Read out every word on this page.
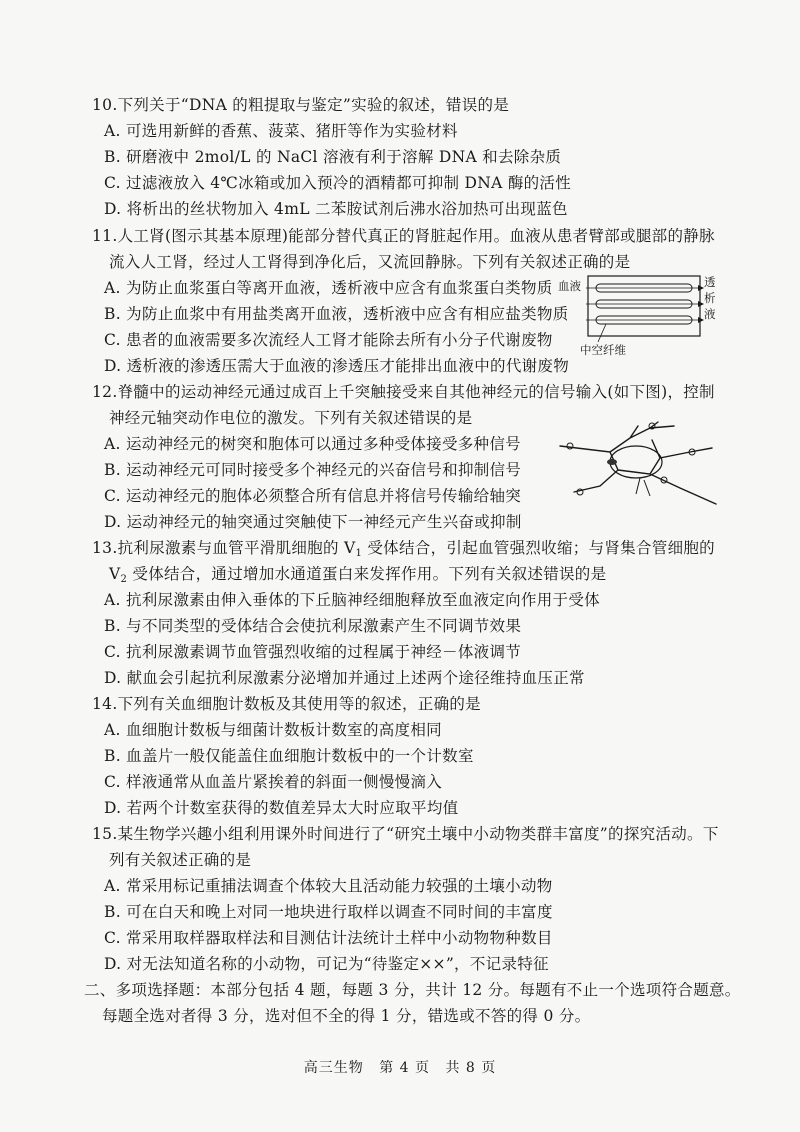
10.下列关于“DNA 的粗提取与鉴定”实验的叙述，错误的是
A. 可选用新鲜的香蕉、菠菜、猪肝等作为实验材料
B. 研磨液中 2mol/L 的 NaCl 溶液有利于溶解 DNA 和去除杂质
C. 过滤液放入 4℃冰箱或加入预冷的酒精都可抑制 DNA 酶的活性
D. 将析出的丝状物加入 4mL 二苯胺试剂后沸水浴加热可出现蓝色
11.人工肾(图示其基本原理)能部分替代真正的肾脏起作用。血液从患者臂部或腿部的静脉
流入人工肾，经过人工肾得到净化后，又流回静脉。下列有关叙述正确的是
A. 为防止血浆蛋白等离开血液，透析液中应含有血浆蛋白类物质
B. 为防止血浆中有用盐类离开血液，透析液中应含有相应盐类物质
C. 患者的血液需要多次流经人工肾才能除去所有小分子代谢废物
D. 透析液的渗透压需大于血液的渗透压才能排出血液中的代谢废物
血液	透
析
液
中空纤维
12.脊髓中的运动神经元通过成百上千突触接受来自其他神经元的信号输入(如下图)，控制
神经元轴突动作电位的激发。下列有关叙述错误的是
A. 运动神经元的树突和胞体可以通过多种受体接受多种信号
B. 运动神经元可同时接受多个神经元的兴奋信号和抑制信号
C. 运动神经元的胞体必须整合所有信息并将信号传输给轴突
D. 运动神经元的轴突通过突触使下一神经元产生兴奋或抑制
13.抗利尿激素与血管平滑肌细胞的 $V_1$ 受体结合，引起血管强烈收缩；与肾集合管细胞的
$V_2$ 受体结合，通过增加水通道蛋白来发挥作用。下列有关叙述错误的是
A. 抗利尿激素由伸入垂体的下丘脑神经细胞释放至血液定向作用于受体
B. 与不同类型的受体结合会使抗利尿激素产生不同调节效果
C. 抗利尿激素调节血管强烈收缩的过程属于神经－体液调节
D. 献血会引起抗利尿激素分泌增加并通过上述两个途径维持血压正常
14.下列有关血细胞计数板及其使用等的叙述，正确的是
A. 血细胞计数板与细菌计数板计数室的高度相同
B. 血盖片一般仅能盖住血细胞计数板中的一个计数室
C. 样液通常从血盖片紧挨着的斜面一侧慢慢滴入
D. 若两个计数室获得的数值差异太大时应取平均值
15.某生物学兴趣小组利用课外时间进行了“研究土壤中小动物类群丰富度”的探究活动。下
列有关叙述正确的是
A. 常采用标记重捕法调查个体较大且活动能力较强的土壤小动物
B. 可在白天和晚上对同一地块进行取样以调查不同时间的丰富度
C. 常采用取样器取样法和目测估计法统计土样中小动物物种数目
D. 对无法知道名称的小动物，可记为“待鉴定××”，不记录特征
二、多项选择题：本部分包括 4 题，每题 3 分，共计 12 分。每题有不止一个选项符合题意。
每题全选对者得 3 分，选对但不全的得 1 分，错选或不答的得 0 分。
高三生物 第 4 页 共 8 页
